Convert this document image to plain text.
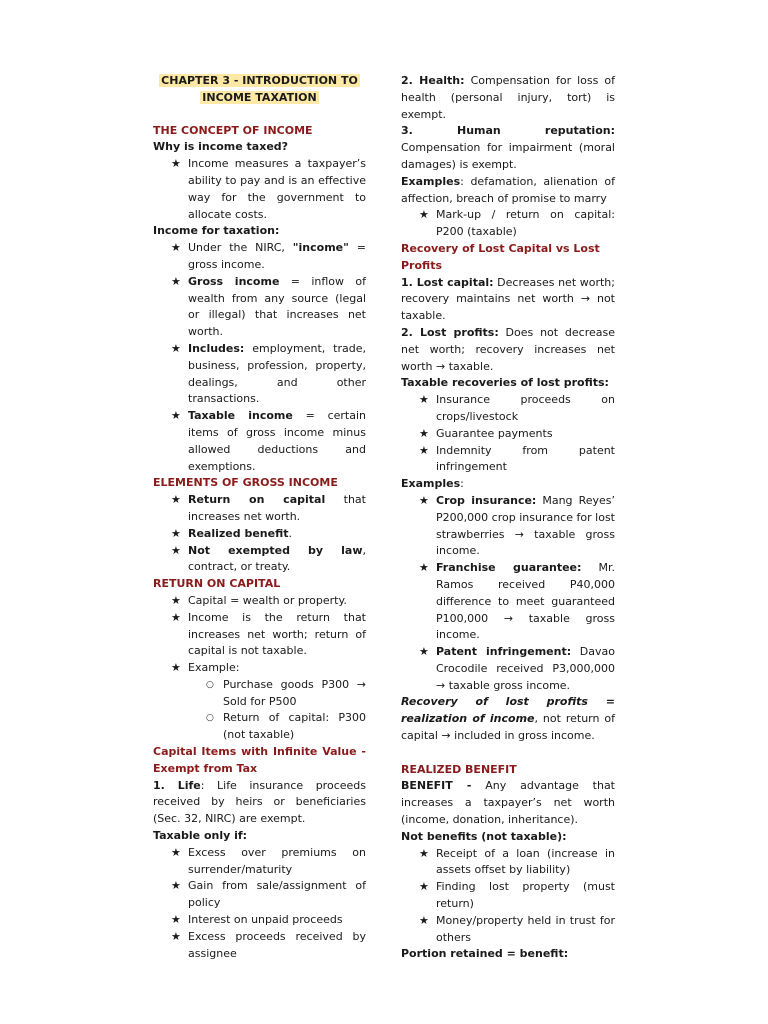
CHAPTER 3 - INTRODUCTION TO
INCOME TAXATION
THE CONCEPT OF INCOME
Why is income taxed?
★ Income measures a taxpayer’s ability to pay and is an effective way for the government to allocate costs.
Income for taxation:
★ Under the NIRC, "income" = gross income.
★ Gross income = inflow of wealth from any source (legal or illegal) that increases net worth.
★ Includes: employment, trade, business, profession, property, dealings, and other transactions.
★ Taxable income = certain items of gross income minus allowed deductions and exemptions.
ELEMENTS OF GROSS INCOME
★ Return on capital that increases net worth.
★ Realized benefit.
★ Not exempted by law, contract, or treaty.
RETURN ON CAPITAL
★ Capital = wealth or property.
★ Income is the return that increases net worth; return of capital is not taxable.
★ Example:
○ Purchase goods P300 → Sold for P500
○ Return of capital: P300 (not taxable)
Capital Items with Infinite Value - Exempt from Tax
1. Life: Life insurance proceeds received by heirs or beneficiaries (Sec. 32, NIRC) are exempt.
Taxable only if:
★ Excess over premiums on surrender/maturity
★ Gain from sale/assignment of policy
★ Interest on unpaid proceeds
★ Excess proceeds received by assignee
2. Health: Compensation for loss of health (personal injury, tort) is exempt.
3. Human reputation: Compensation for impairment (moral damages) is exempt.
Examples: defamation, alienation of affection, breach of promise to marry
★ Mark-up / return on capital: P200 (taxable)
Recovery of Lost Capital vs Lost Profits
1. Lost capital: Decreases net worth; recovery maintains net worth → not taxable.
2. Lost profits: Does not decrease net worth; recovery increases net worth → taxable.
Taxable recoveries of lost profits:
★ Insurance proceeds on crops/livestock
★ Guarantee payments
★ Indemnity from patent infringement
Examples:
★ Crop insurance: Mang Reyes’ P200,000 crop insurance for lost strawberries → taxable gross income.
★ Franchise guarantee: Mr. Ramos received P40,000 difference to meet guaranteed P100,000 → taxable gross income.
★ Patent infringement: Davao Crocodile received P3,000,000 → taxable gross income.
Recovery of lost profits = realization of income, not return of capital → included in gross income.
REALIZED BENEFIT
BENEFIT - Any advantage that increases a taxpayer’s net worth (income, donation, inheritance).
Not benefits (not taxable):
★ Receipt of a loan (increase in assets offset by liability)
★ Finding lost property (must return)
★ Money/property held in trust for others
Portion retained = benefit:
